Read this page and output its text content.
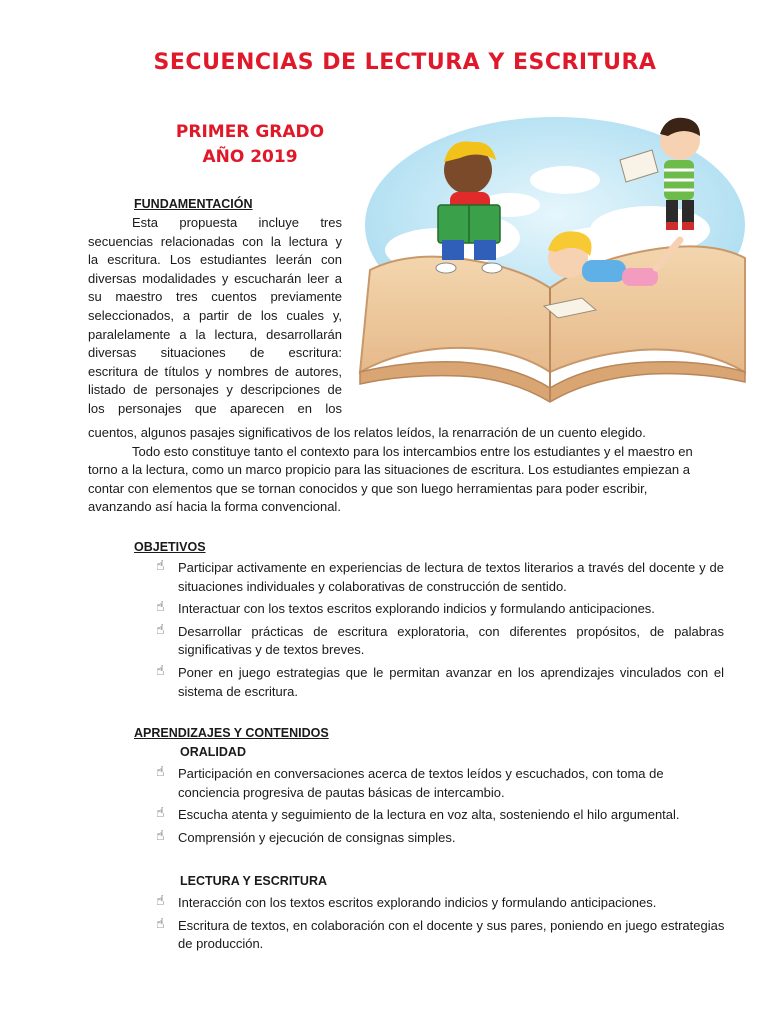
SECUENCIAS DE LECTURA Y ESCRITURA
PRIMER GRADO
AÑO 2019
FUNDAMENTACIÓN
Esta propuesta incluye tres
secuencias relacionadas con la lectura y
la escritura. Los estudiantes leerán con
diversas modalidades y escucharán leer a
su maestro tres cuentos previamente
seleccionados, a partir de los cuales y,
paralelamente a la lectura, desarrollarán
diversas situaciones de escritura:
escritura de títulos y nombres de autores,
listado de personajes y descripciones de
los personajes que aparecen en los

cuentos, algunos pasajes significativos de los relatos leídos, la renarración de un cuento elegido.

Todo esto constituye tanto el contexto para los intercambios entre los estudiantes y el maestro en torno a la lectura, como un marco propicio para las situaciones de escritura. Los estudiantes empiezan a contar con elementos que se tornan conocidos y que son luego herramientas para poder escribir, avanzando así hacia la forma convencional.

OBJETIVOS
☝ Participar activamente en experiencias de lectura de textos literarios a través del docente y de situaciones individuales y colaborativas de construcción de sentido.
☝ Interactuar con los textos escritos explorando indicios y formulando anticipaciones.
☝ Desarrollar prácticas de escritura exploratoria, con diferentes propósitos, de palabras significativas y de textos breves.
☝ Poner en juego estrategias que le permitan avanzar en los aprendizajes vinculados con el sistema de escritura.
APRENDIZAJES Y CONTENIDOS
ORALIDAD
☝ Participación en conversaciones acerca de textos leídos y escuchados, con toma de conciencia progresiva de pautas básicas de intercambio.
☝ Escucha atenta y seguimiento de la lectura en voz alta, sosteniendo el hilo argumental.
☝ Comprensión y ejecución de consignas simples.
LECTURA Y ESCRITURA
☝ Interacción con los textos escritos explorando indicios y formulando anticipaciones.
☝ Escritura de textos, en colaboración con el docente y sus pares, poniendo en juego estrategias de producción.
